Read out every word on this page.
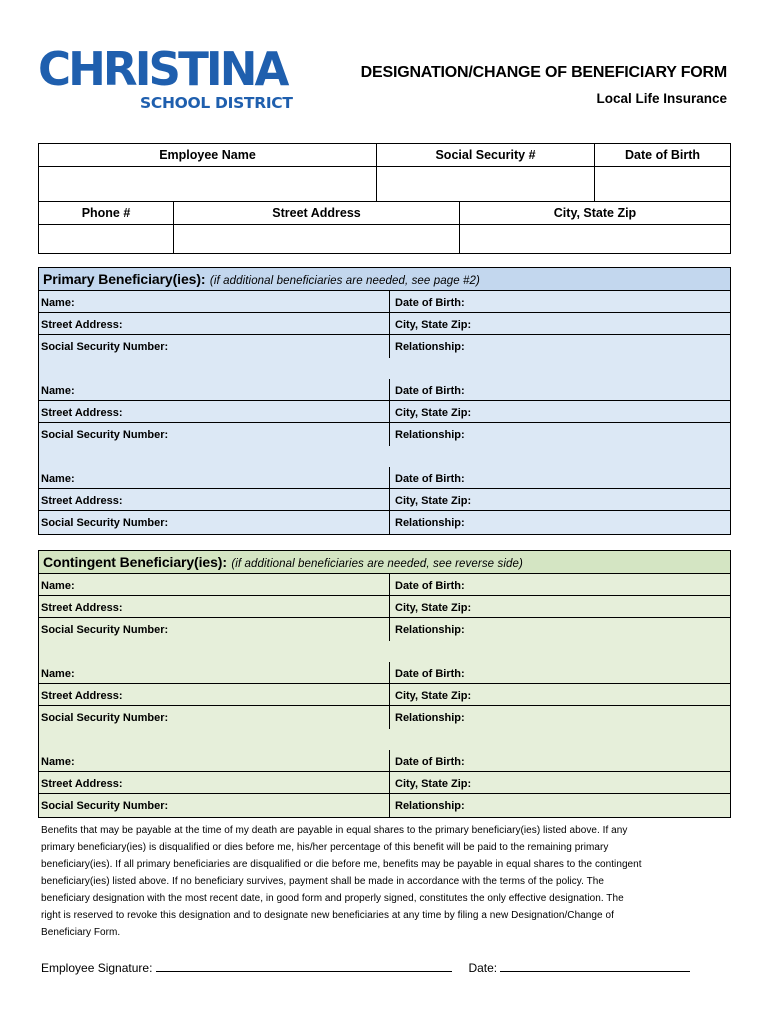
CHRISTINA
SCHOOL DISTRICT
DESIGNATION/CHANGE OF BENEFICIARY FORM
Local Life Insurance
Employee Name	Social Security #	Date of Birth
Phone #	Street Address	City, State Zip
Primary Beneficiary(ies): (if additional beneficiaries are needed, see page #2)
Name:	Date of Birth:
Street Address:	City, State Zip:
Social Security Number:	Relationship:
Name:	Date of Birth:
Street Address:	City, State Zip:
Social Security Number:	Relationship:
Name:	Date of Birth:
Street Address:	City, State Zip:
Social Security Number:	Relationship:
Contingent Beneficiary(ies): (if additional beneficiaries are needed, see reverse side)
Name:	Date of Birth:
Street Address:	City, State Zip:
Social Security Number:	Relationship:
Name:	Date of Birth:
Street Address:	City, State Zip:
Social Security Number:	Relationship:
Name:	Date of Birth:
Street Address:	City, State Zip:
Social Security Number:	Relationship:
Benefits that may be payable at the time of my death are payable in equal shares to the primary beneficiary(ies) listed above. If any
primary beneficiary(ies) is disqualified or dies before me, his/her percentage of this benefit will be paid to the remaining primary
beneficiary(ies). If all primary beneficiaries are disqualified or die before me, benefits may be payable in equal shares to the contingent
beneficiary(ies) listed above. If no beneficiary survives, payment shall be made in accordance with the terms of the policy. The
beneficiary designation with the most recent date, in good form and properly signed, constitutes the only effective designation. The
right is reserved to revoke this designation and to designate new beneficiaries at any time by filing a new Designation/Change of
Beneficiary Form.
Employee Signature:	Date:
